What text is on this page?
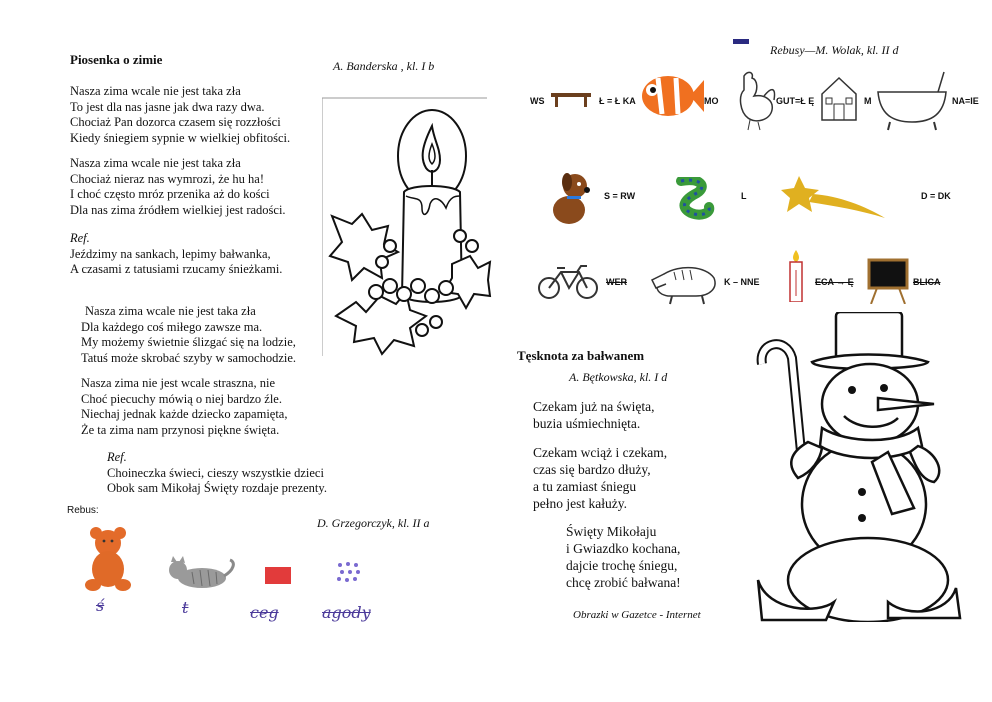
Piosenka o zimie	A. Banderska , kl. I b
Nasza zima wcale nie jest taka zła
To jest dla nas jasne jak dwa razy dwa.
Chociaż Pan dozorca czasem się rozzłości
Kiedy śniegiem sypnie w wielkiej obfitości.
Nasza zima wcale nie jest taka zła
Chociaż nieraz nas wymrozi, że hu ha!
I choć często mróz przenika aż do kości
Dla nas zima źródłem wielkiej jest radości.
Ref.
Jeździmy na sankach, lepimy bałwanka,
A czasami z tatusiami rzucamy śnieżkami.
Nasza zima wcale nie jest taka zła
Dla każdego coś miłego zawsze ma.
My możemy świetnie ślizgać się na lodzie,
Tatuś może skrobać szyby w samochodzie.
Nasza zima nie jest wcale straszna, nie
Choć piecuchy mówią o niej bardzo źle.
Niechaj jednak każde dziecko zapamięta,
Że ta zima nam przynosi piękne święta.
Ref.
Choineczka świeci, cieszy wszystkie dzieci
Obok sam Mikołaj Święty rozdaje prezenty.
Rebus:
D. Grzegorczyk, kl. II a
ś	t	ceg	agody
Rebusy—M. Wolak, kl. II d
WS	Ł = Ł KA	MO	GUT=Ł Ę	M	NA=IE
S = RW	L	D = DK
WER	K – NNE	ECA → Ę	BLICA
Tęsknota za bałwanem
A. Bętkowska, kl. I d
Czekam już na święta,
buzia uśmiechnięta.
Czekam wciąż i czekam,
czas się bardzo dłuży,
a tu zamiast śniegu
pełno jest kałuży.
Święty Mikołaju
i Gwiazdko kochana,
dajcie trochę śniegu,
chcę zrobić bałwana!
Obrazki w Gazetce - Internet
